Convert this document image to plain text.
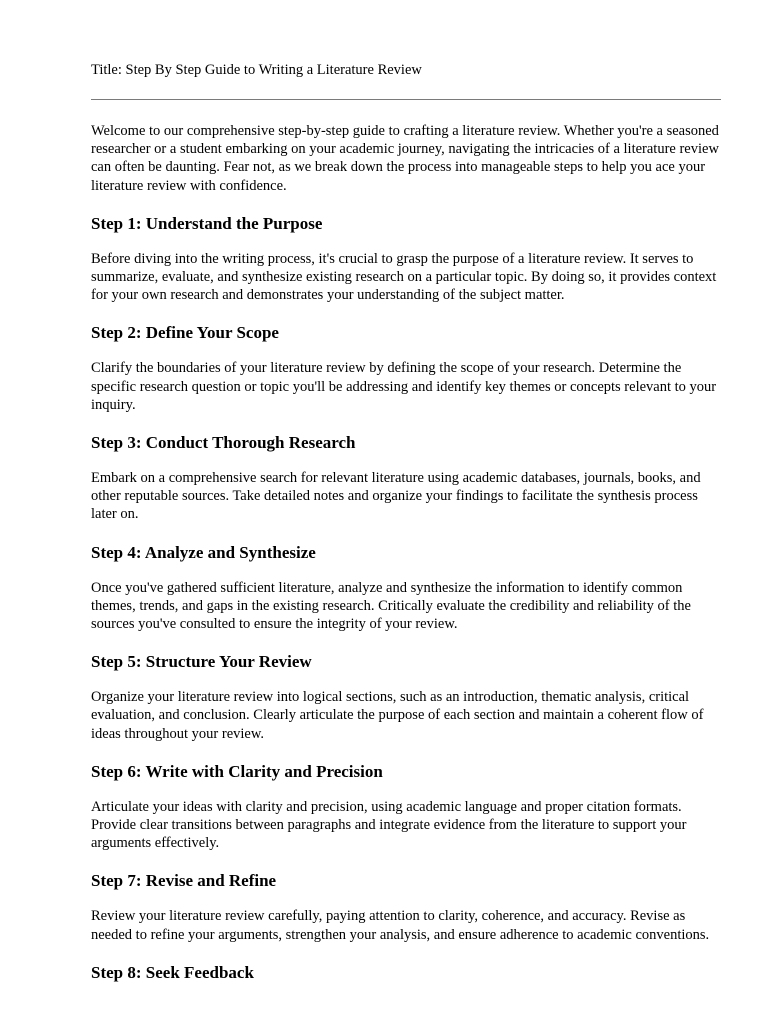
Title: Step By Step Guide to Writing a Literature Review

Welcome to our comprehensive step-by-step guide to crafting a literature review. Whether you're a seasoned researcher or a student embarking on your academic journey, navigating the intricacies of a literature review can often be daunting. Fear not, as we break down the process into manageable steps to help you ace your literature review with confidence.

Step 1: Understand the Purpose

Before diving into the writing process, it's crucial to grasp the purpose of a literature review. It serves to summarize, evaluate, and synthesize existing research on a particular topic. By doing so, it provides context for your own research and demonstrates your understanding of the subject matter.

Step 2: Define Your Scope

Clarify the boundaries of your literature review by defining the scope of your research. Determine the specific research question or topic you'll be addressing and identify key themes or concepts relevant to your inquiry.

Step 3: Conduct Thorough Research

Embark on a comprehensive search for relevant literature using academic databases, journals, books, and other reputable sources. Take detailed notes and organize your findings to facilitate the synthesis process later on.

Step 4: Analyze and Synthesize

Once you've gathered sufficient literature, analyze and synthesize the information to identify common themes, trends, and gaps in the existing research. Critically evaluate the credibility and reliability of the sources you've consulted to ensure the integrity of your review.

Step 5: Structure Your Review

Organize your literature review into logical sections, such as an introduction, thematic analysis, critical evaluation, and conclusion. Clearly articulate the purpose of each section and maintain a coherent flow of ideas throughout your review.

Step 6: Write with Clarity and Precision

Articulate your ideas with clarity and precision, using academic language and proper citation formats. Provide clear transitions between paragraphs and integrate evidence from the literature to support your arguments effectively.

Step 7: Revise and Refine

Review your literature review carefully, paying attention to clarity, coherence, and accuracy. Revise as needed to refine your arguments, strengthen your analysis, and ensure adherence to academic conventions.

Step 8: Seek Feedback
